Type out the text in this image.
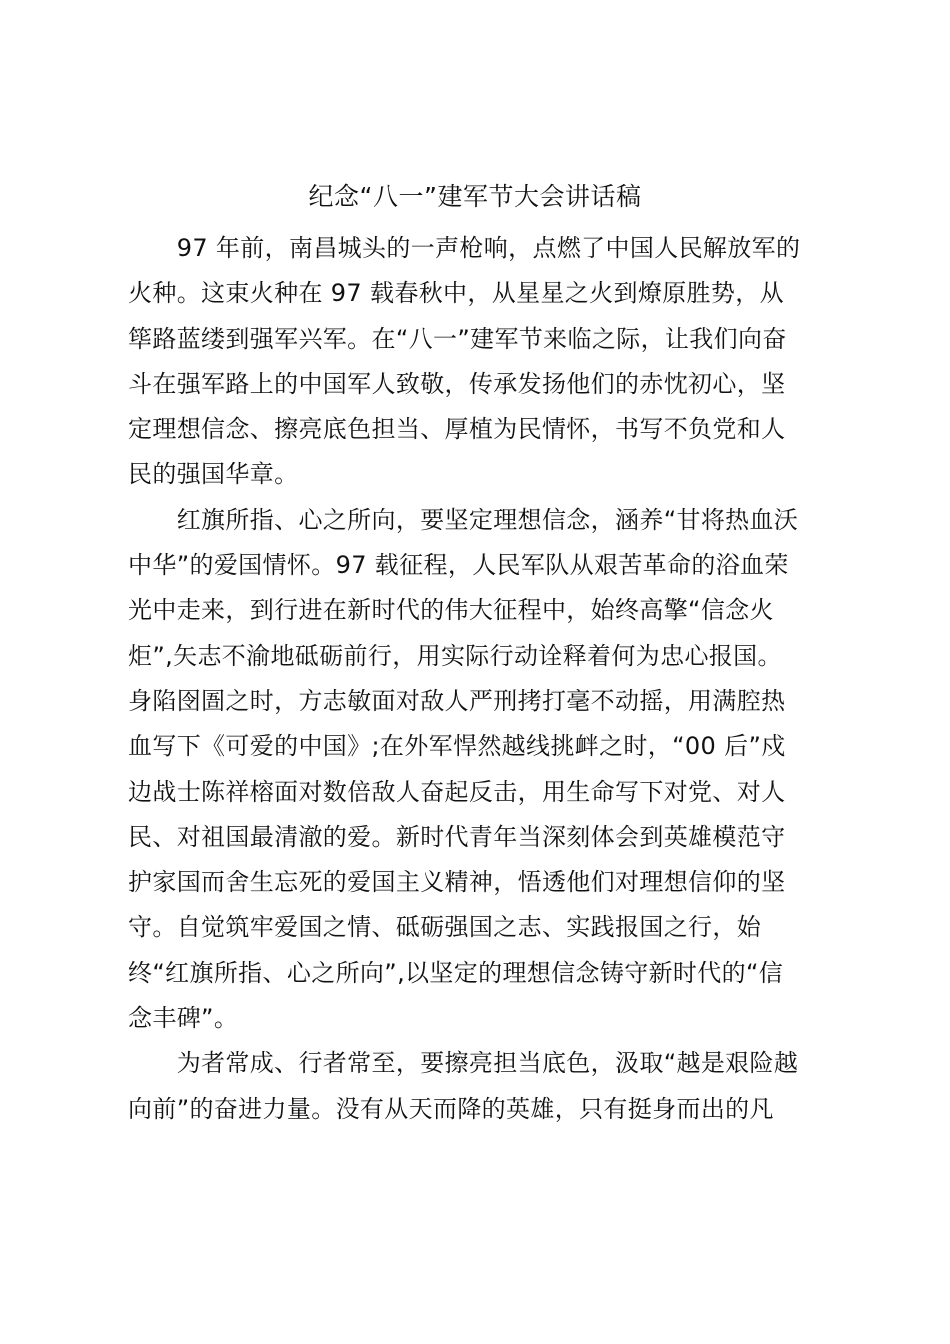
纪念“八一”建军节大会讲话稿

　　97 年前，南昌城头的一声枪响，点燃了中国人民解放军的
火种。这束火种在 97 载春秋中，从星星之火到燎原胜势，从
筚路蓝缕到强军兴军。在“八一”建军节来临之际，让我们向奋
斗在强军路上的中国军人致敬，传承发扬他们的赤忱初心，坚
定理想信念、擦亮底色担当、厚植为民情怀，书写不负党和人
民的强国华章。

　　红旗所指、心之所向，要坚定理想信念，涵养“甘将热血沃
中华”的爱国情怀。97 载征程，人民军队从艰苦革命的浴血荣
光中走来，到行进在新时代的伟大征程中，始终高擎“信念火
炬”,矢志不渝地砥砺前行，用实际行动诠释着何为忠心报国。
身陷囹圄之时，方志敏面对敌人严刑拷打毫不动摇，用满腔热
血写下《可爱的中国》;在外军悍然越线挑衅之时，“00 后”戍
边战士陈祥榕面对数倍敌人奋起反击，用生命写下对党、对人
民、对祖国最清澈的爱。新时代青年当深刻体会到英雄模范守
护家国而舍生忘死的爱国主义精神，悟透他们对理想信仰的坚
守。自觉筑牢爱国之情、砥砺强国之志、实践报国之行，始
终“红旗所指、心之所向”,以坚定的理想信念铸守新时代的“信
念丰碑”。

　　为者常成、行者常至，要擦亮担当底色，汲取“越是艰险越
向前”的奋进力量。没有从天而降的英雄，只有挺身而出的凡
